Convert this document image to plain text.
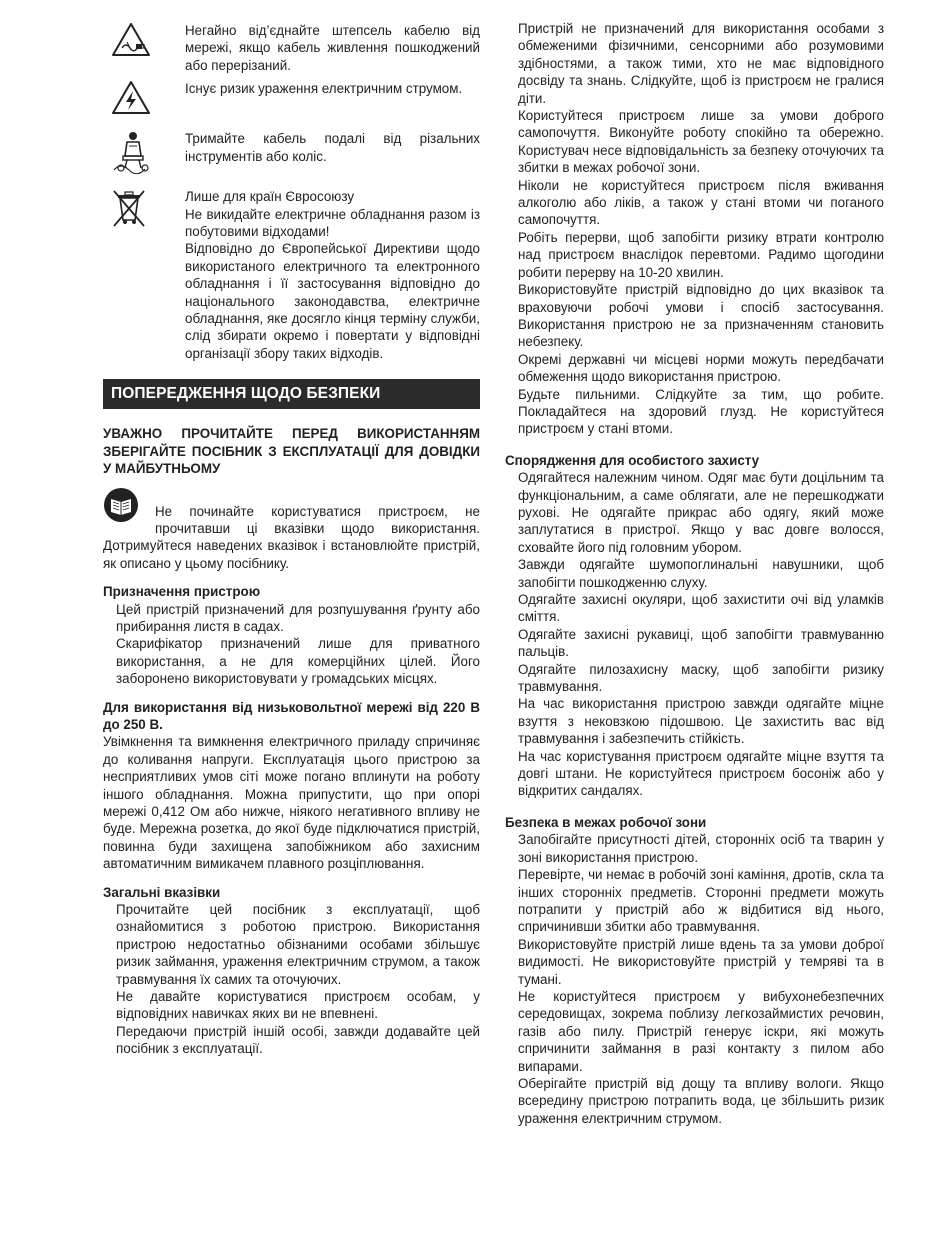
Негайно від’єднайте штепсель кабелю від мережі, якщо кабель живлення пошкоджений або перерізаний.

Існує ризик ураження електричним струмом.

Тримайте кабель подалі від різальних інструментів або коліс.

Лише для країн Євросоюзу

Не викидайте електричне обладнання разом із побутовими відходами!

Відповідно до Європейської Директиви щодо використаного електричного та електронного обладнання і її застосування відповідно до національного законодавства, електричне обладнання, яке досягло кінця терміну служби, слід збирати окремо і повертати у відповідні організації збору таких відходів.

ПОПЕРЕДЖЕННЯ ЩОДО БЕЗПЕКИ

УВАЖНО ПРОЧИТАЙТЕ ПЕРЕД ВИКОРИСТАННЯМ ЗБЕРІГАЙТЕ ПОСІБНИК З ЕКСПЛУАТАЦІЇ ДЛЯ ДОВІДКИ У МАЙБУТНЬОМУ

Не починайте користуватися пристроєм, не прочитавши ці вказівки щодо використання. Дотримуйтеся наведених вказівок і встановлюйте пристрій, як описано у цьому посібнику.

Призначення пристрою

Цей пристрій призначений для розпушування ґрунту або прибирання листя в садах.

Скарифікатор призначений лише для приватного використання, а не для комерційних цілей. Його заборонено використовувати у громадських місцях.

Для використання від низьковольтної мережі від 220 В до 250 В.

Увімкнення та вимкнення електричного приладу спричиняє до коливання напруги. Експлуатація цього пристрою за несприятливих умов сіті може погано вплинути на роботу іншого обладнання. Можна припустити, що при опорі мережі 0,412 Ом або нижче, ніякого негативного впливу не буде. Мережна розетка, до якої буде підключатися пристрій, повинна буди захищена запобіжником або захисним автоматичним вимикачем плавного розціплювання.

Загальні вказівки

Прочитайте цей посібник з експлуатації, щоб ознайомитися з роботою пристрою. Використання пристрою недостатньо обізнаними особами збільшує ризик займання, ураження електричним струмом, а також травмування їх самих та оточуючих.

Не давайте користуватися пристроєм особам, у відповідних навичках яких ви не впевнені.

Передаючи пристрій іншій особі, завжди додавайте цей посібник з експлуатації.

Пристрій не призначений для використання особами з обмеженими фізичними, сенсорними або розумовими здібностями, а також тими, хто не має відповідного досвіду та знань. Слідкуйте, щоб із пристроєм не гралися діти.

Користуйтеся пристроєм лише за умови доброго самопочуття. Виконуйте роботу спокійно та обережно. Користувач несе відповідальність за безпеку оточуючих та збитки в межах робочої зони.

Ніколи не користуйтеся пристроєм після вживання алкоголю або ліків, а також у стані втоми чи поганого самопочуття.

Робіть перерви, щоб запобігти ризику втрати контролю над пристроєм внаслідок перевтоми. Радимо щогодини робити перерву на 10-20 хвилин.

Використовуйте пристрій відповідно до цих вказівок та враховуючи робочі умови і спосіб застосування. Використання пристрою не за призначенням становить небезпеку.

Окремі державні чи місцеві норми можуть передбачати обмеження щодо використання пристрою.

Будьте пильними. Слідкуйте за тим, що робите. Покладайтеся на здоровий глузд. Не користуйтеся пристроєм у стані втоми.

Спорядження для особистого захисту

Одягайтеся належним чином. Одяг має бути доцільним та функціональним, а саме облягати, але не перешкоджати рухові. Не одягайте прикрас або одягу, який може заплутатися в пристрої. Якщо у вас довге волосся, сховайте його під головним убором.

Завжди одягайте шумопоглинальні навушники, щоб запобігти пошкодженню слуху.

Одягайте захисні окуляри, щоб захистити очі від уламків сміття.

Одягайте захисні рукавиці, щоб запобігти травмуванню пальців.

Одягайте пилозахисну маску, щоб запобігти ризику травмування.

На час використання пристрою завжди одягайте міцне взуття з нековзкою підошвою. Це захистить вас від травмування і забезпечить стійкість.

На час користування пристроєм одягайте міцне взуття та довгі штани. Не користуйтеся пристроєм босоніж або у відкритих сандалях.

Безпека в межах робочої зони

Запобігайте присутності дітей, сторонніх осіб та тварин у зоні використання пристрою.

Перевірте, чи немає в робочій зоні каміння, дротів, скла та інших сторонніх предметів. Сторонні предмети можуть потрапити у пристрій або ж відбитися від нього, спричинивши збитки або травмування.

Використовуйте пристрій лише вдень та за умови доброї видимості. Не використовуйте пристрій у темряві та в тумані.

Не користуйтеся пристроєм у вибухонебезпечних середовищах, зокрема поблизу легкозаймистих речовин, газів або пилу. Пристрій генерує іскри, які можуть спричинити займання в разі контакту з пилом або випарами.

Оберігайте пристрій від дощу та впливу вологи. Якщо всередину пристрою потрапить вода, це збільшить ризик ураження електричним струмом.
